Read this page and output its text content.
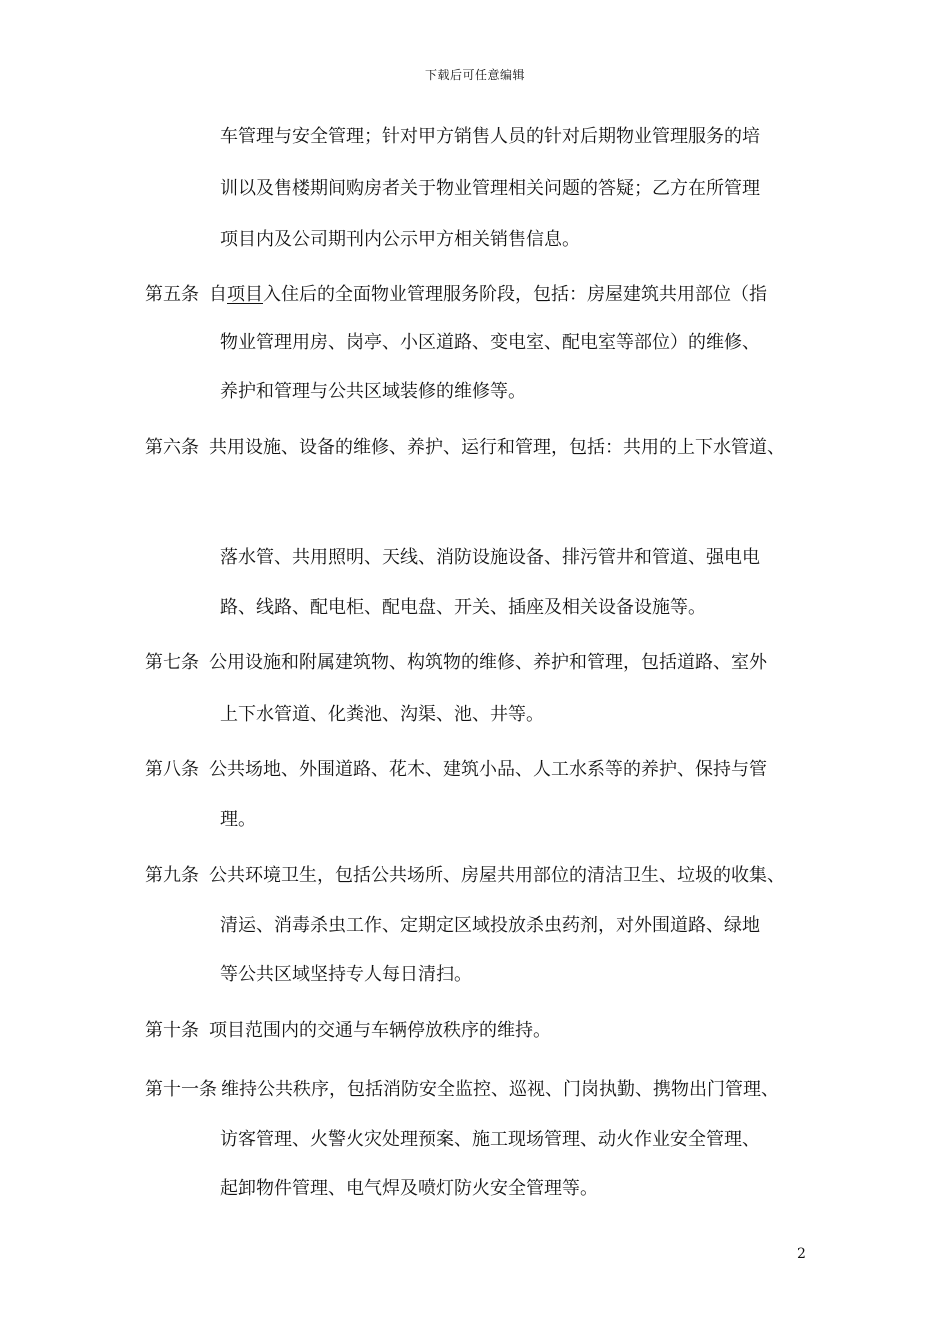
下载后可任意编辑
车管理与安全管理；针对甲方销售人员的针对后期物业管理服务的培
训以及售楼期间购房者关于物业管理相关问题的答疑；乙方在所管理
项目内及公司期刊内公示甲方相关销售信息。
第五条 自项目入住后的全面物业管理服务阶段，包括：房屋建筑共用部位（指
物业管理用房、岗亭、小区道路、变电室、配电室等部位）的维修、
养护和管理与公共区域装修的维修等。
第六条 共用设施、设备的维修、养护、运行和管理，包括：共用的上下水管道、
落水管、共用照明、天线、消防设施设备、排污管井和管道、强电电
路、线路、配电柜、配电盘、开关、插座及相关设备设施等。
第七条 公用设施和附属建筑物、构筑物的维修、养护和管理，包括道路、室外
上下水管道、化粪池、沟渠、池、井等。
第八条 公共场地、外围道路、花木、建筑小品、人工水系等的养护、保持与管
理。
第九条 公共环境卫生，包括公共场所、房屋共用部位的清洁卫生、垃圾的收集、
清运、消毒杀虫工作、定期定区域投放杀虫药剂，对外围道路、绿地
等公共区域坚持专人每日清扫。
第十条 项目范围内的交通与车辆停放秩序的维持。
第十一条 维持公共秩序，包括消防安全监控、巡视、门岗执勤、携物出门管理、
访客管理、火警火灾处理预案、施工现场管理、动火作业安全管理、
起卸物件管理、电气焊及喷灯防火安全管理等。
2
